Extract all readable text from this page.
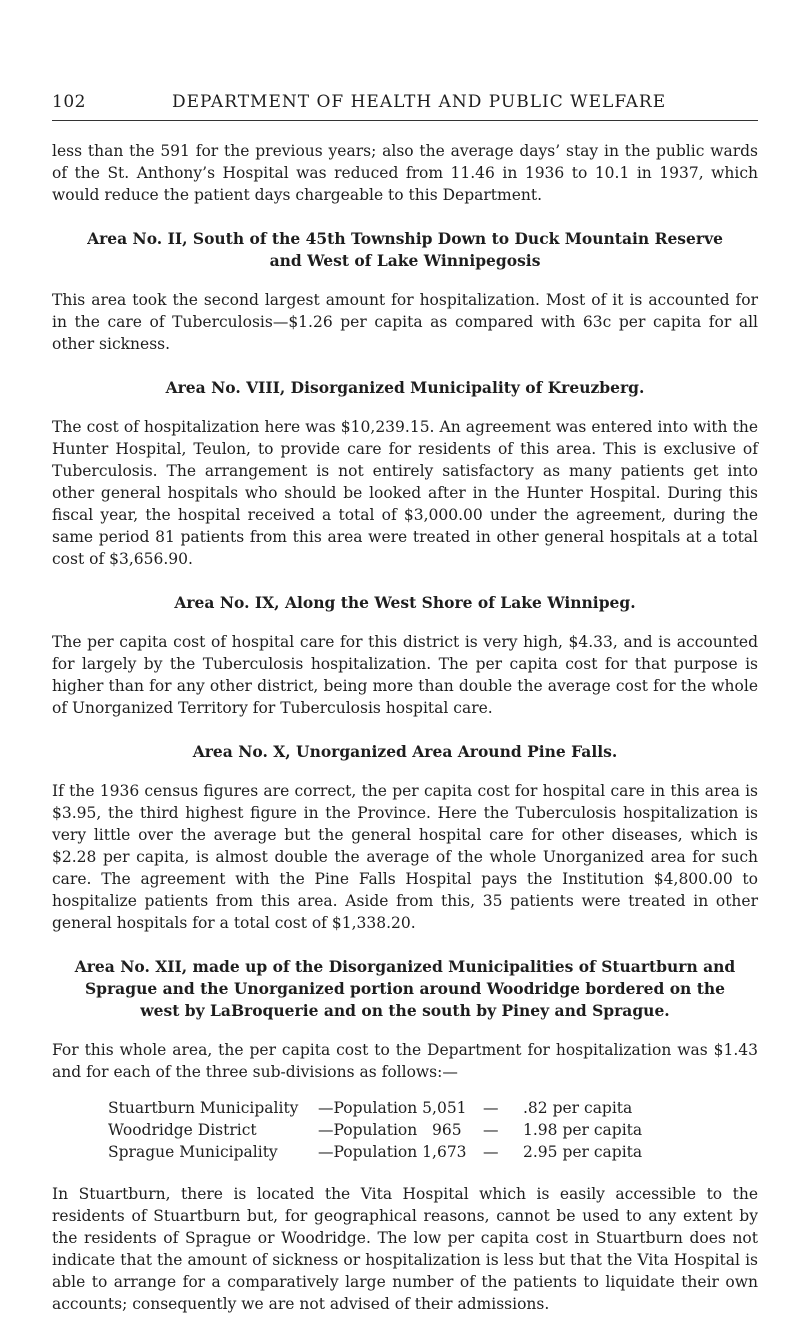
102	DEPARTMENT OF HEALTH AND PUBLIC WELFARE

less than the 591 for the previous years; also the average days’ stay in the public wards of the St. Anthony’s Hospital was reduced from 11.46 in 1936 to 10.1 in 1937, which would reduce the patient days chargeable to this Department.

Area No. II, South of the 45th Township Down to Duck Mountain Reserve and West of Lake Winnipegosis

This area took the second largest amount for hospitalization. Most of it is accounted for in the care of Tuberculosis—$1.26 per capita as compared with 63c per capita for all other sickness.

Area No. VIII, Disorganized Municipality of Kreuzberg.

The cost of hospitalization here was $10,239.15. An agreement was entered into with the Hunter Hospital, Teulon, to provide care for residents of this area. This is exclusive of Tuberculosis. The arrangement is not entirely satisfactory as many patients get into other general hospitals who should be looked after in the Hunter Hospital. During this fiscal year, the hospital received a total of $3,000.00 under the agreement, during the same period 81 patients from this area were treated in other general hospitals at a total cost of $3,656.90.

Area No. IX, Along the West Shore of Lake Winnipeg.

The per capita cost of hospital care for this district is very high, $4.33, and is accounted for largely by the Tuberculosis hospitalization. The per capita cost for that purpose is higher than for any other district, being more than double the average cost for the whole of Unorganized Territory for Tuberculosis hospital care.

Area No. X, Unorganized Area Around Pine Falls.

If the 1936 census figures are correct, the per capita cost for hospital care in this area is $3.95, the third highest figure in the Province. Here the Tuberculosis hospitalization is very little over the average but the general hospital care for other diseases, which is $2.28 per capita, is almost double the average of the whole Unorganized area for such care. The agreement with the Pine Falls Hospital pays the Institution $4,800.00 to hospitalize patients from this area. Aside from this, 35 patients were treated in other general hospitals for a total cost of $1,338.20.

Area No. XII, made up of the Disorganized Municipalities of Stuartburn and Sprague and the Unorganized portion around Woodridge bordered on the west by LaBroquerie and on the south by Piney and Sprague.

For this whole area, the per capita cost to the Department for hospitalization was $1.43 and for each of the three sub-divisions as follows:—

Stuartburn Municipality	—Population 5,051	—	.82 per capita
Woodridge District	—Population   965	—	1.98 per capita
Sprague Municipality	—Population 1,673	—	2.95 per capita

In Stuartburn, there is located the Vita Hospital which is easily accessible to the residents of Stuartburn but, for geographical reasons, cannot be used to any extent by the residents of Sprague or Woodridge. The low per capita cost in Stuartburn does not indicate that the amount of sickness or hospitalization is less but that the Vita Hospital is able to arrange for a comparatively large number of the patients to liquidate their own accounts; consequently we are not advised of their admissions.
